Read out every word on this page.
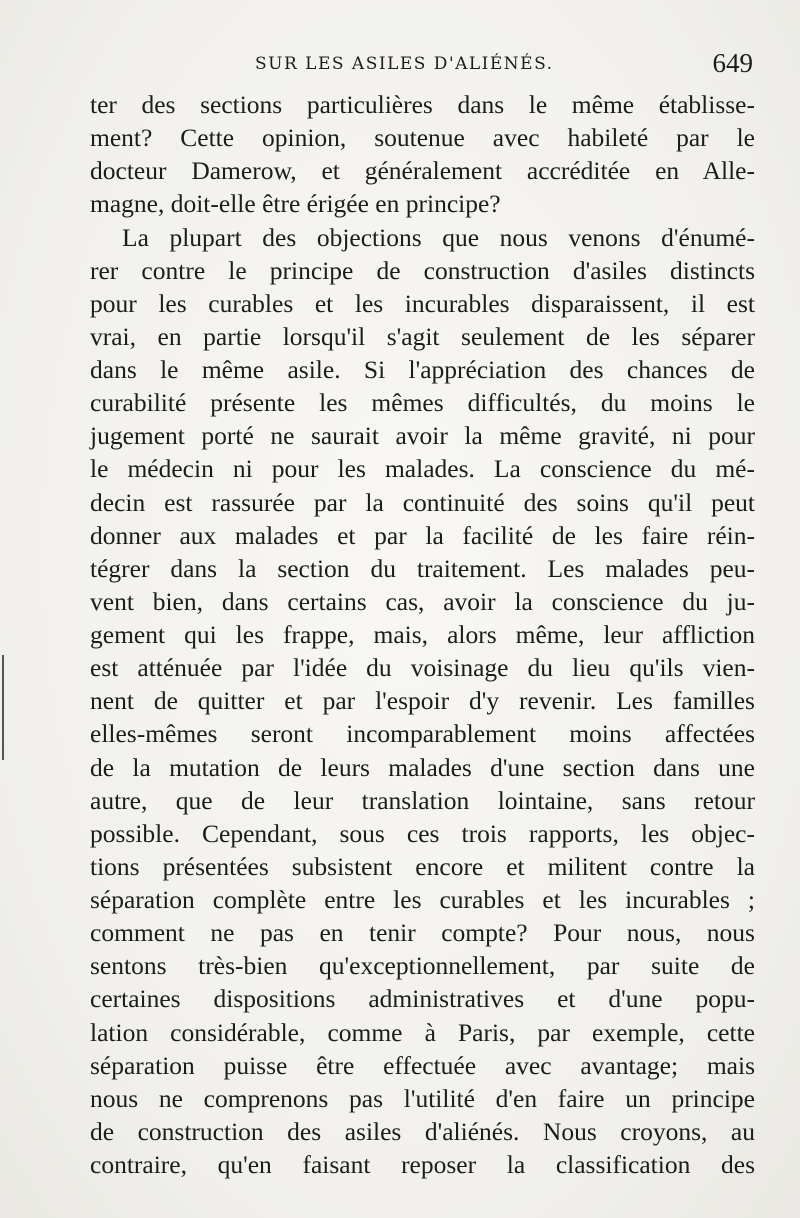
SUR LES ASILES D'ALIÉNÉS.	649
ter des sections particulières dans le même établisse-
ment? Cette opinion, soutenue avec habileté par le
docteur Damerow, et généralement accréditée en Alle-
magne, doit-elle être érigée en principe?
La plupart des objections que nous venons d'énumé-
rer contre le principe de construction d'asiles distincts
pour les curables et les incurables disparaissent, il est
vrai, en partie lorsqu'il s'agit seulement de les séparer
dans le même asile. Si l'appréciation des chances de
curabilité présente les mêmes difficultés, du moins le
jugement porté ne saurait avoir la même gravité, ni pour
le médecin ni pour les malades. La conscience du mé-
decin est rassurée par la continuité des soins qu'il peut
donner aux malades et par la facilité de les faire réin-
tégrer dans la section du traitement. Les malades peu-
vent bien, dans certains cas, avoir la conscience du ju-
gement qui les frappe, mais, alors même, leur affliction
est atténuée par l'idée du voisinage du lieu qu'ils vien-
nent de quitter et par l'espoir d'y revenir. Les familles
elles-mêmes seront incomparablement moins affectées
de la mutation de leurs malades d'une section dans une
autre, que de leur translation lointaine, sans retour
possible. Cependant, sous ces trois rapports, les objec-
tions présentées subsistent encore et militent contre la
séparation complète entre les curables et les incurables ;
comment ne pas en tenir compte? Pour nous, nous
sentons très-bien qu'exceptionnellement, par suite de
certaines dispositions administratives et d'une popu-
lation considérable, comme à Paris, par exemple, cette
séparation puisse être effectuée avec avantage; mais
nous ne comprenons pas l'utilité d'en faire un principe
de construction des asiles d'aliénés. Nous croyons, au
contraire, qu'en faisant reposer la classification des
